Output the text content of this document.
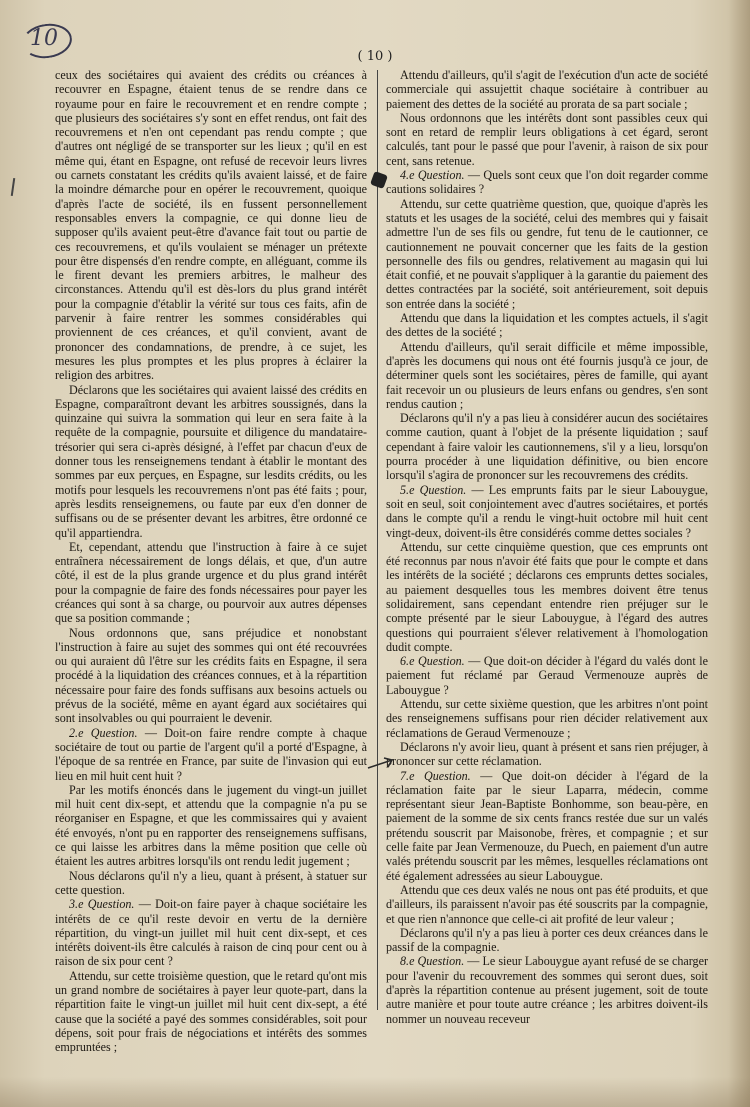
10
( 10 )

ceux des sociétaires qui avaient des crédits ou créances à recouvrer en Espagne, étaient tenus de se rendre dans ce royaume pour en faire le recouvrement et en rendre compte ; que plusieurs des sociétaires s'y sont en effet rendus, ont fait des recouvremens et n'en ont cependant pas rendu compte ; que d'autres ont négligé de se transporter sur les lieux ; qu'il en est même qui, étant en Espagne, ont refusé de recevoir leurs livres ou carnets constatant les crédits qu'ils avaient laissé, et de faire la moindre démarche pour en opérer le recouvrement, quoique d'après l'acte de société, ils en fussent personnellement responsables envers la compagnie, ce qui donne lieu de supposer qu'ils avaient peut-être d'avance fait tout ou partie de ces recouvremens, et qu'ils voulaient se ménager un prétexte pour être dispensés d'en rendre compte, en alléguant, comme ils le firent devant les premiers arbitres, le malheur des circonstances. Attendu qu'il est dès-lors du plus grand intérêt pour la compagnie d'établir la vérité sur tous ces faits, afin de parvenir à faire rentrer les sommes considérables qui proviennent de ces créances, et qu'il convient, avant de prononcer des condamnations, de prendre, à ce sujet, les mesures les plus promptes et les plus propres à éclairer la religion des arbitres.

Déclarons que les sociétaires qui avaient laissé des crédits en Espagne, comparaîtront devant les arbitres soussignés, dans la quinzaine qui suivra la sommation qui leur en sera faite à la requête de la compagnie, poursuite et diligence du mandataire-trésorier qui sera ci-après désigné, à l'effet par chacun d'eux de donner tous les renseignemens tendant à établir le montant des sommes par eux perçues, en Espagne, sur lesdits crédits, ou les motifs pour lesquels les recouvremens n'ont pas été faits ; pour, après lesdits renseignemens, ou faute par eux d'en donner de suffisans ou de se présenter devant les arbitres, être ordonné ce qu'il appartiendra.

Et, cependant, attendu que l'instruction à faire à ce sujet entraînera nécessairement de longs délais, et que, d'un autre côté, il est de la plus grande urgence et du plus grand intérêt pour la compagnie de faire des fonds nécessaires pour payer les créances qui sont à sa charge, ou pourvoir aux autres dépenses que sa position commande ;

Nous ordonnons que, sans préjudice et nonobstant l'instruction à faire au sujet des sommes qui ont été recouvrées ou qui auraient dû l'être sur les crédits faits en Espagne, il sera procédé à la liquidation des créances connues, et à la répartition nécessaire pour faire des fonds suffisans aux besoins actuels ou prévus de la société, même en ayant égard aux sociétaires qui sont insolvables ou qui pourraient le devenir.

2.e Question. — Doit-on faire rendre compte à chaque sociétaire de tout ou partie de l'argent qu'il a porté d'Espagne, à l'époque de sa rentrée en France, par suite de l'invasion qui eut lieu en mil huit cent huit ?

Par les motifs énoncés dans le jugement du vingt-un juillet mil huit cent dix-sept, et attendu que la compagnie n'a pu se réorganiser en Espagne, et que les commissaires qui y avaient été envoyés, n'ont pu en rapporter des renseignemens suffisans, ce qui laisse les arbitres dans la même position que celle où étaient les autres arbitres lorsqu'ils ont rendu ledit jugement ;

Nous déclarons qu'il n'y a lieu, quant à présent, à statuer sur cette question.

3.e Question. — Doit-on faire payer à chaque sociétaire les intérêts de ce qu'il reste devoir en vertu de la dernière répartition, du vingt-un juillet mil huit cent dix-sept, et ces intérêts doivent-ils être calculés à raison de cinq pour cent ou à raison de six pour cent ?

Attendu, sur cette troisième question, que le retard qu'ont mis un grand nombre de sociétaires à payer leur quote-part, dans la répartition faite le vingt-un juillet mil huit cent dix-sept, a été cause que la société a payé des sommes considérables, soit pour dépens, soit pour frais de négociations et intérêts des sommes empruntées ;

Attendu d'ailleurs, qu'il s'agit de l'exécution d'un acte de société commerciale qui assujettit chaque sociétaire à contribuer au paiement des dettes de la société au prorata de sa part sociale ;

Nous ordonnons que les intérêts dont sont passibles ceux qui sont en retard de remplir leurs obligations à cet égard, seront calculés, tant pour le passé que pour l'avenir, à raison de six pour cent, sans retenue.

4.e Question. — Quels sont ceux que l'on doit regarder comme cautions solidaires ?

Attendu, sur cette quatrième question, que, quoique d'après les statuts et les usages de la société, celui des membres qui y faisait admettre l'un de ses fils ou gendre, fut tenu de le cautionner, ce cautionnement ne pouvait concerner que les faits de la gestion personnelle des fils ou gendres, relativement au magasin qui lui était confié, et ne pouvait s'appliquer à la garantie du paiement des dettes contractées par la société, soit antérieurement, soit depuis son entrée dans la société ;

Attendu que dans la liquidation et les comptes actuels, il s'agit des dettes de la société ;

Attendu d'ailleurs, qu'il serait difficile et même impossible, d'après les documens qui nous ont été fournis jusqu'à ce jour, de déterminer quels sont les sociétaires, pères de famille, qui ayant fait recevoir un ou plusieurs de leurs enfans ou gendres, s'en sont rendus caution ;

Déclarons qu'il n'y a pas lieu à considérer aucun des sociétaires comme caution, quant à l'objet de la présente liquidation ; sauf cependant à faire valoir les cautionnemens, s'il y a lieu, lorsqu'on pourra procéder à une liquidation définitive, ou bien encore lorsqu'il s'agira de prononcer sur les recouvremens des crédits.

5.e Question. — Les emprunts faits par le sieur Labouygue, soit en seul, soit conjointement avec d'autres sociétaires, et portés dans le compte qu'il a rendu le vingt-huit octobre mil huit cent vingt-deux, doivent-ils être considérés comme dettes sociales ?

Attendu, sur cette cinquième question, que ces emprunts ont été reconnus par nous n'avoir été faits que pour le compte et dans les intérêts de la société ; déclarons ces emprunts dettes sociales, au paiement desquelles tous les membres doivent être tenus solidairement, sans cependant entendre rien préjuger sur le compte présenté par le sieur Labouygue, à l'égard des autres questions qui pourraient s'élever relativement à l'homologation dudit compte.

6.e Question. — Que doit-on décider à l'égard du valés dont le paiement fut réclamé par Geraud Vermenouze auprès de Labouygue ?

Attendu, sur cette sixième question, que les arbitres n'ont point des renseignemens suffisans pour rien décider relativement aux réclamations de Geraud Vermenouze ;

Déclarons n'y avoir lieu, quant à présent et sans rien préjuger, à prononcer sur cette réclamation.

7.e Question. — Que doit-on décider à l'égard de la réclamation faite par le sieur Laparra, médecin, comme représentant sieur Jean-Baptiste Bonhomme, son beau-père, en paiement de la somme de six cents francs restée due sur un valés prétendu souscrit par Maisonobe, frères, et compagnie ; et sur celle faite par Jean Vermenouze, du Puech, en paiement d'un autre valés prétendu souscrit par les mêmes, lesquelles réclamations ont été également adressées au sieur Labouygue.

Attendu que ces deux valés ne nous ont pas été produits, et que d'ailleurs, ils paraissent n'avoir pas été souscrits par la compagnie, et que rien n'annonce que celle-ci ait profité de leur valeur ;

Déclarons qu'il n'y a pas lieu à porter ces deux créances dans le passif de la compagnie.

8.e Question. — Le sieur Labouygue ayant refusé de se charger pour l'avenir du recouvrement des sommes qui seront dues, soit d'après la répartition contenue au présent jugement, soit de toute autre manière et pour toute autre créance ; les arbitres doivent-ils nommer un nouveau receveur
